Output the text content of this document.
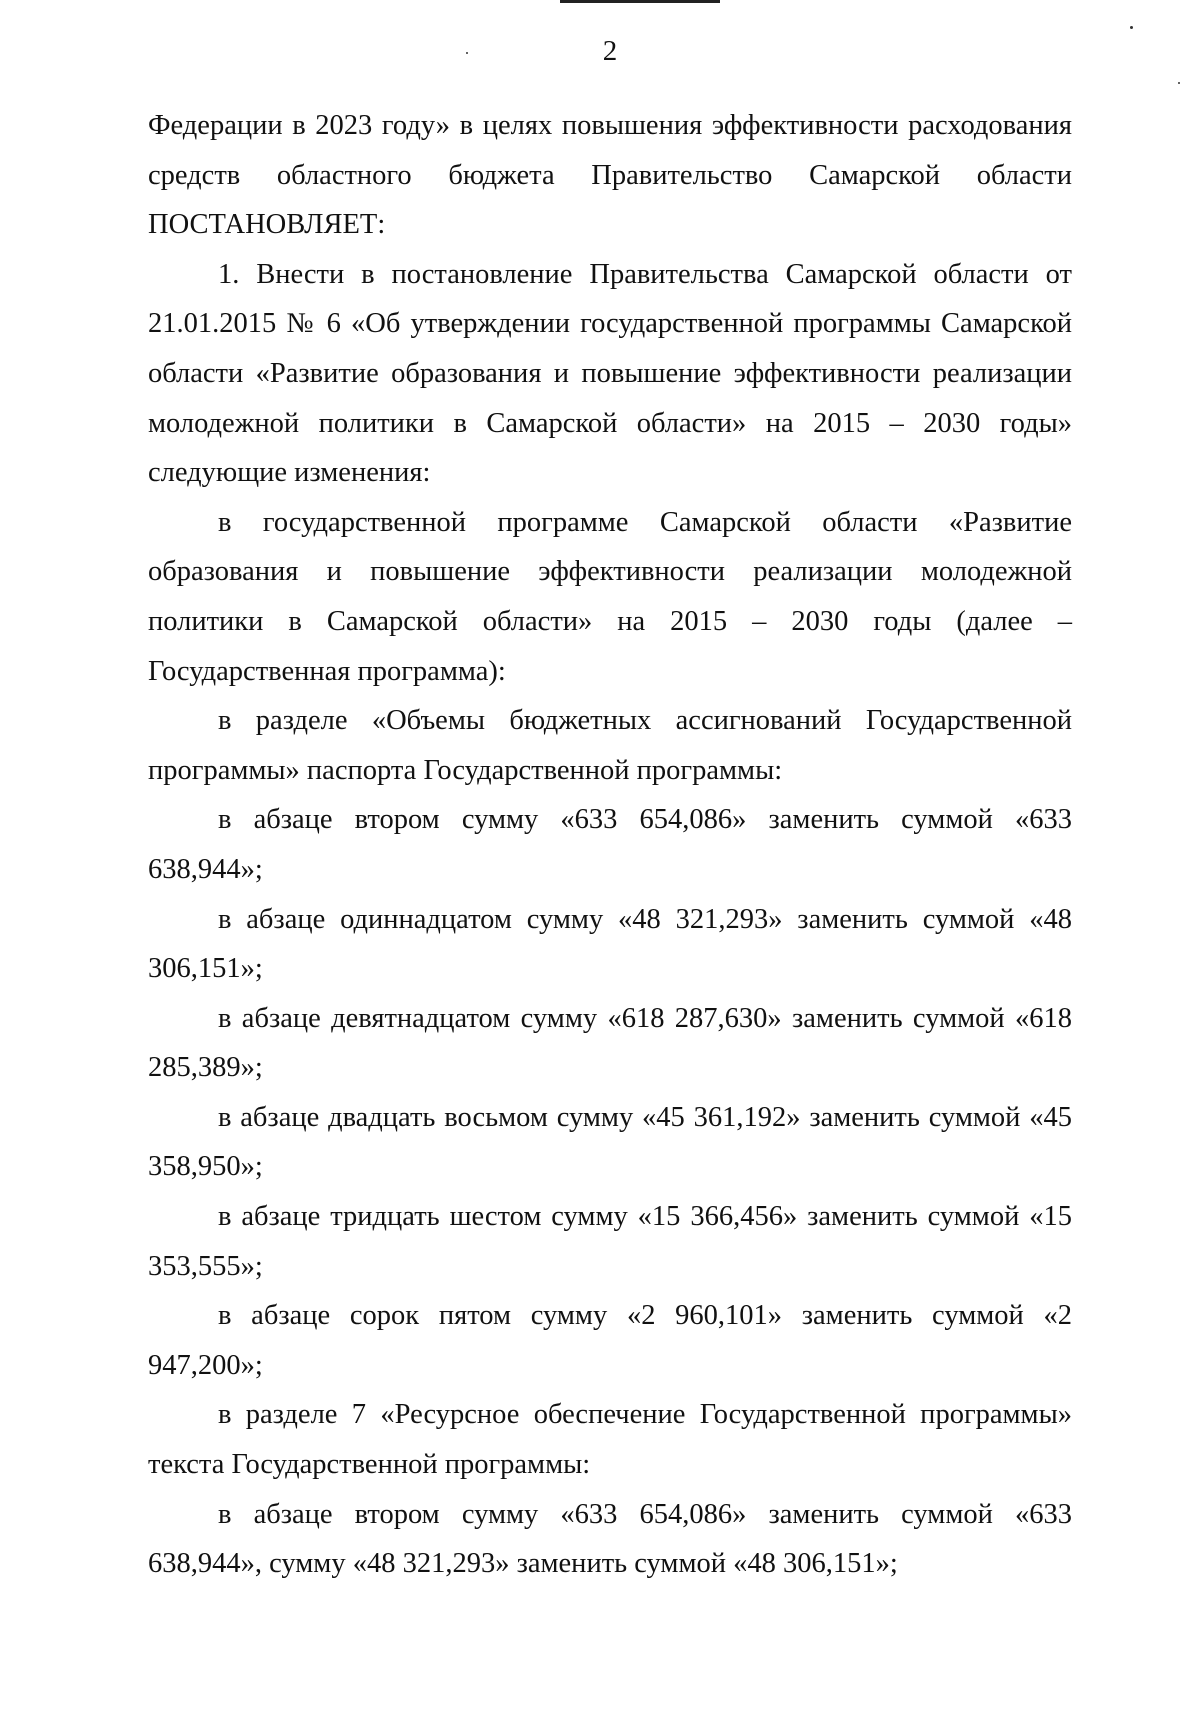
2

Федерации в 2023 году» в целях повышения эффективности расходования средств областного бюджета Правительство Самарской области ПОСТАНОВЛЯЕТ:

1. Внести в постановление Правительства Самарской области от 21.01.2015 № 6 «Об утверждении государственной программы Самарской области «Развитие образования и повышение эффективности реализации молодежной политики в Самарской области» на 2015 – 2030 годы» следующие изменения:

в государственной программе Самарской области «Развитие образования и повышение эффективности реализации молодежной политики в Самарской области» на 2015 – 2030 годы (далее – Государственная программа):

в разделе «Объемы бюджетных ассигнований Государственной программы» паспорта Государственной программы:

в абзаце втором сумму «633 654,086» заменить суммой «633 638,944»;

в абзаце одиннадцатом сумму «48 321,293» заменить суммой «48 306,151»;

в абзаце девятнадцатом сумму «618 287,630» заменить суммой «618 285,389»;

в абзаце двадцать восьмом сумму «45 361,192» заменить суммой «45 358,950»;

в абзаце тридцать шестом сумму «15 366,456» заменить суммой «15 353,555»;

в абзаце сорок пятом сумму «2 960,101» заменить суммой «2 947,200»;

в разделе 7 «Ресурсное обеспечение Государственной программы» текста Государственной программы:

в абзаце втором сумму «633 654,086» заменить суммой «633 638,944», сумму «48 321,293» заменить суммой «48 306,151»;
